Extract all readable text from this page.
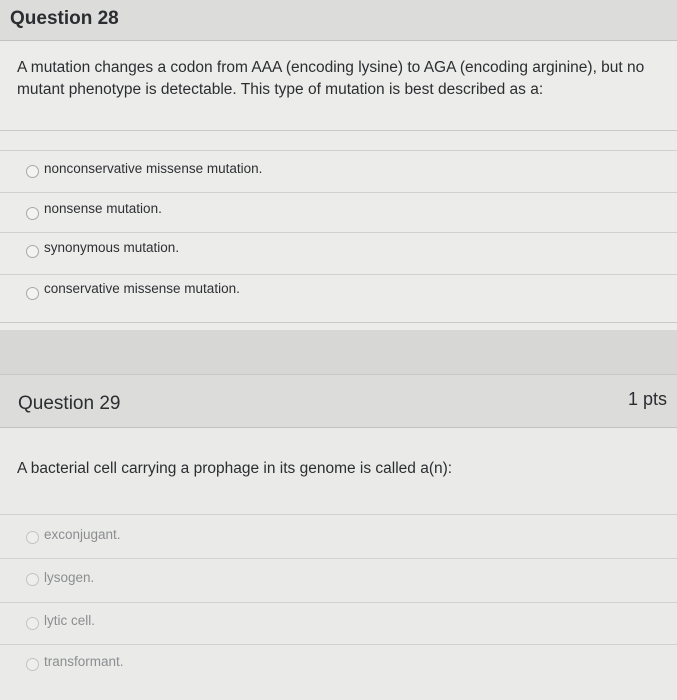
Question 28
A mutation changes a codon from AAA (encoding lysine) to AGA (encoding arginine), but no mutant phenotype is detectable. This type of mutation is best described as a:
nonconservative missense mutation.
nonsense mutation.
synonymous mutation.
conservative missense mutation.
Question 29	1 pts
A bacterial cell carrying a prophage in its genome is called a(n):
exconjugant.
lysogen.
lytic cell.
transformant.
